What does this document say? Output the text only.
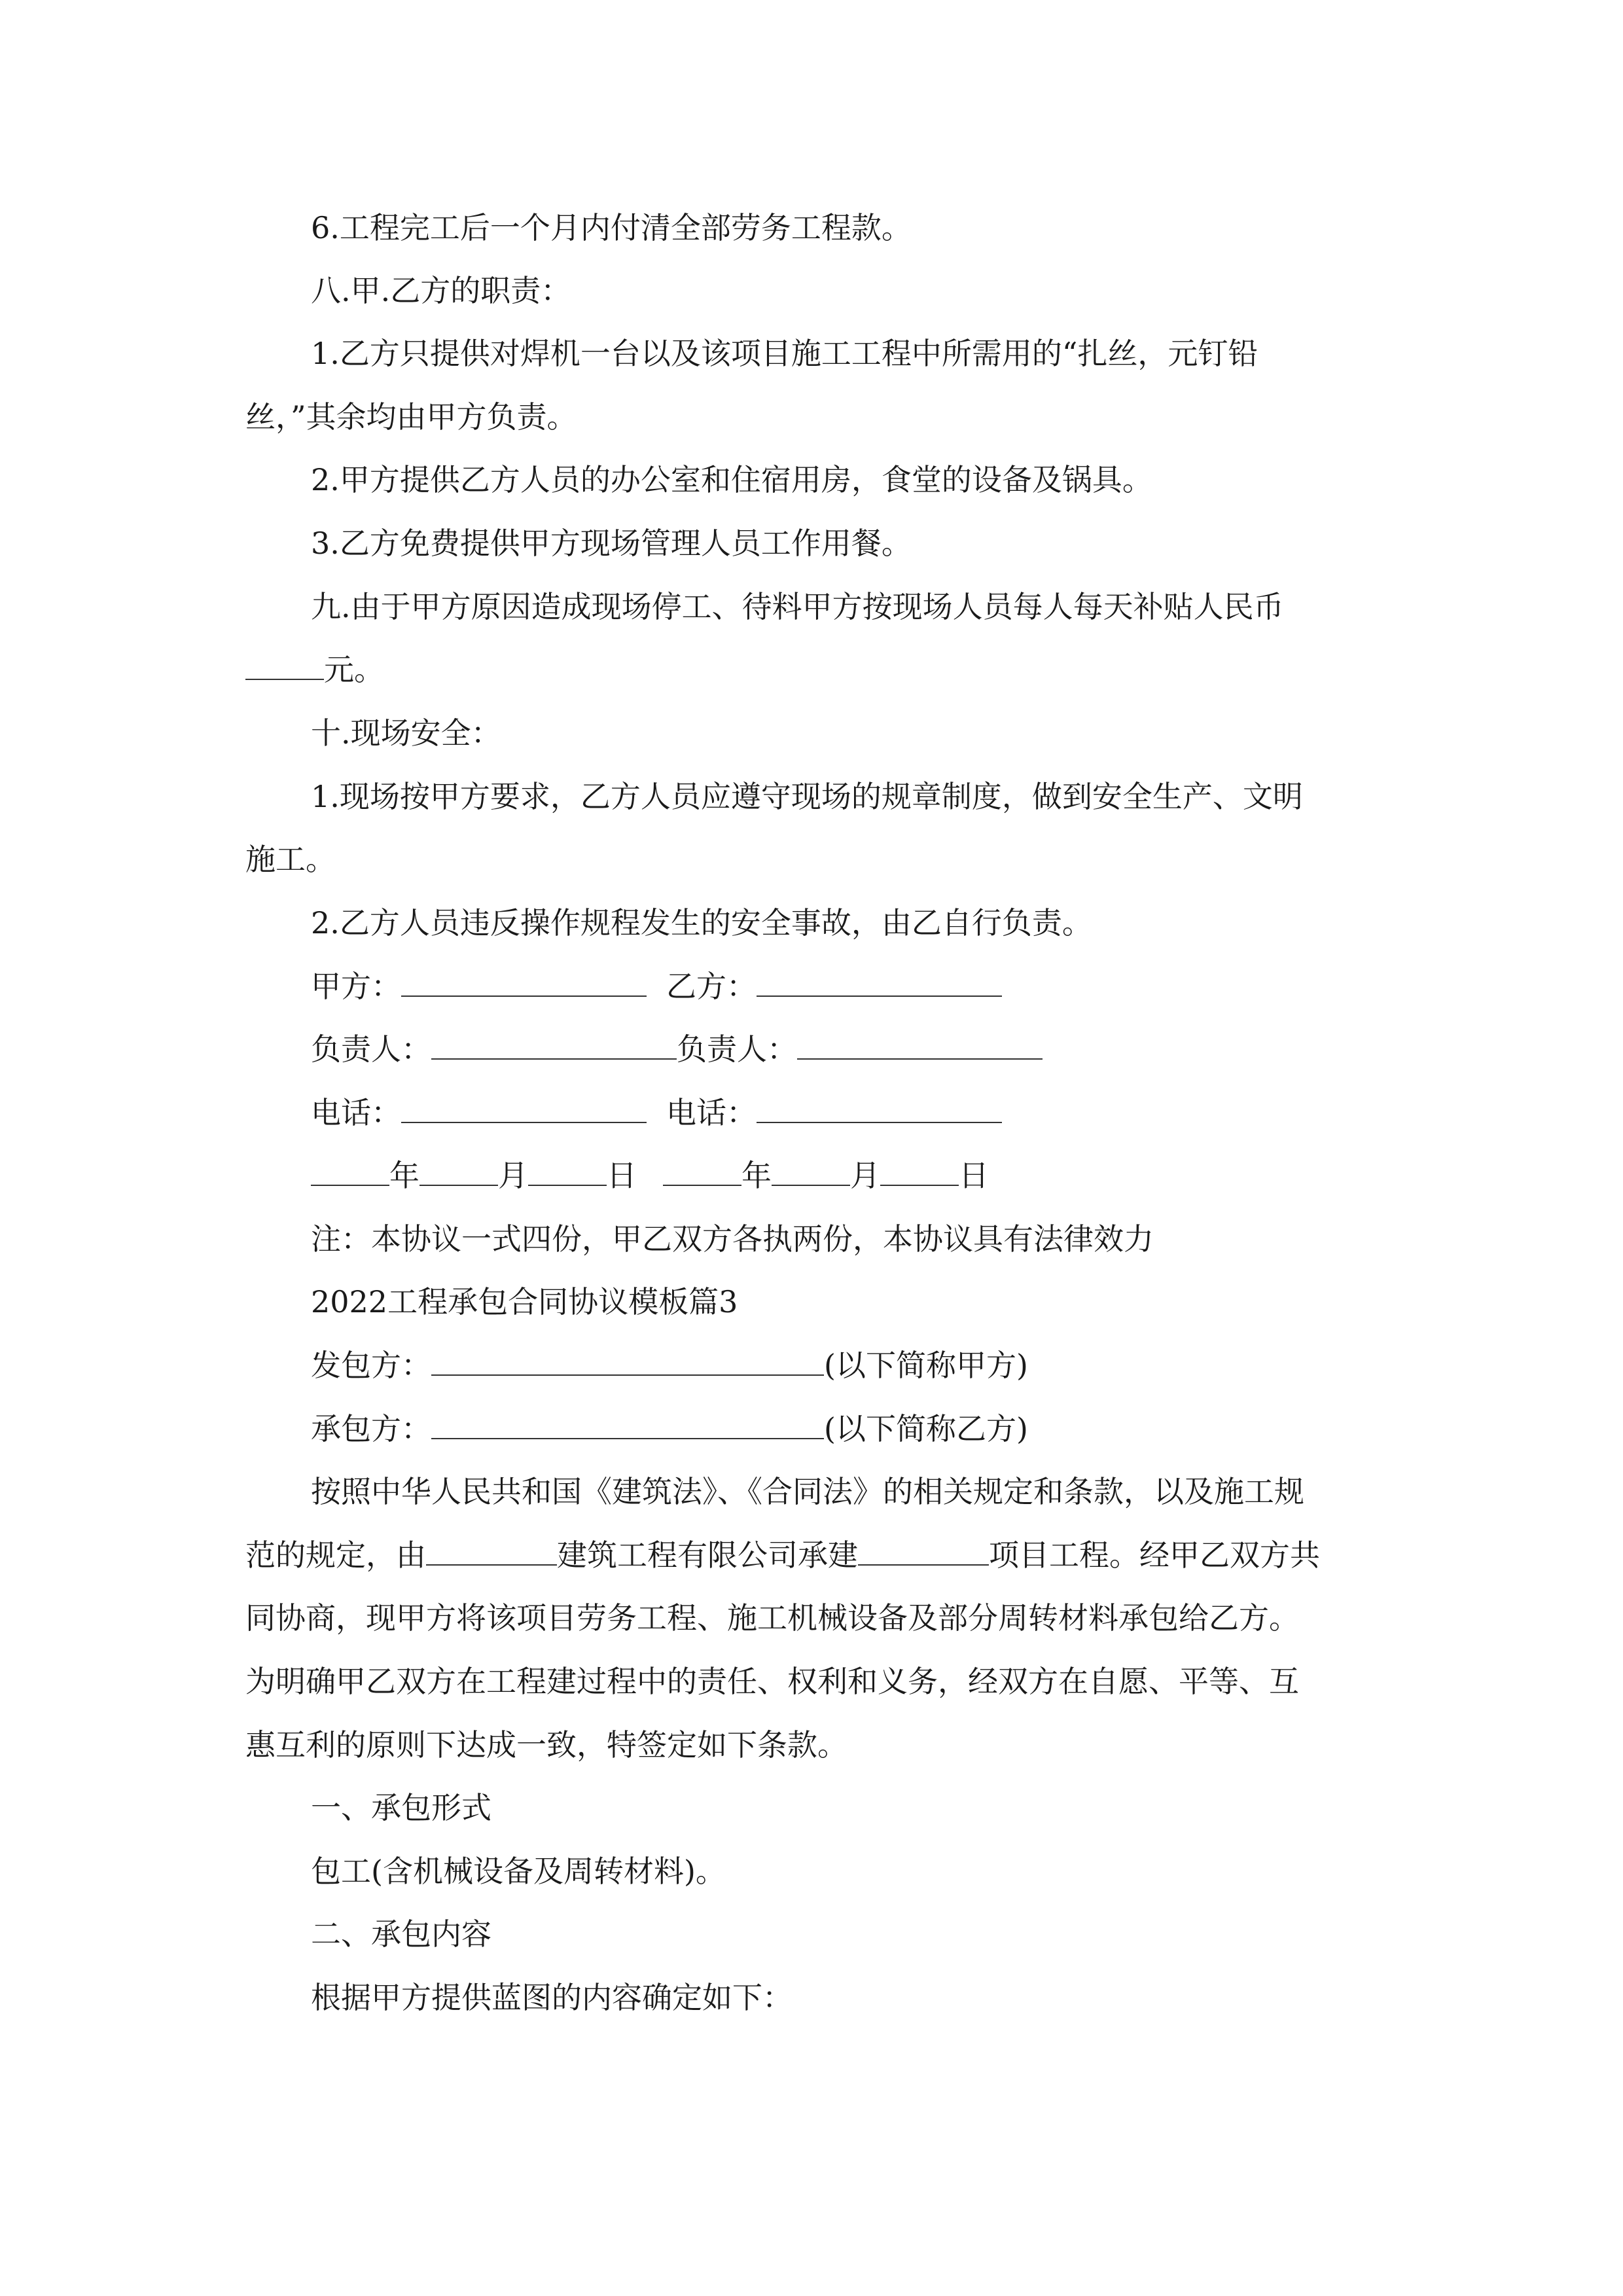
6.工程完工后一个月内付清全部劳务工程款。
八.甲.乙方的职责：
1.乙方只提供对焊机一台以及该项目施工工程中所需用的“扎丝，元钉铅
丝，”其余均由甲方负责。
2.甲方提供乙方人员的办公室和住宿用房，食堂的设备及锅具。
3.乙方免费提供甲方现场管理人员工作用餐。
九.由于甲方原因造成现场停工、待料甲方按现场人员每人每天补贴人民币
元。
十.现场安全：
1.现场按甲方要求，乙方人员应遵守现场的规章制度，做到安全生产、文明
施工。
2.乙方人员违反操作规程发生的安全事故，由乙自行负责。
甲方：	乙方：
负责人：	负责人：
电话：	电话：
年	月	日	年	月	日
注：本协议一式四份，甲乙双方各执两份，本协议具有法律效力
2022工程承包合同协议模板篇3
发包方：	(以下简称甲方)
承包方：	(以下简称乙方)
按照中华人民共和国《建筑法》、《合同法》的相关规定和条款，以及施工规
范的规定，由	建筑工程有限公司承建	项目工程。经甲乙双方共
同协商，现甲方将该项目劳务工程、施工机械设备及部分周转材料承包给乙方。
为明确甲乙双方在工程建过程中的责任、权利和义务，经双方在自愿、平等、互
惠互利的原则下达成一致，特签定如下条款。
一、承包形式
包工(含机械设备及周转材料)。
二、承包内容
根据甲方提供蓝图的内容确定如下：
